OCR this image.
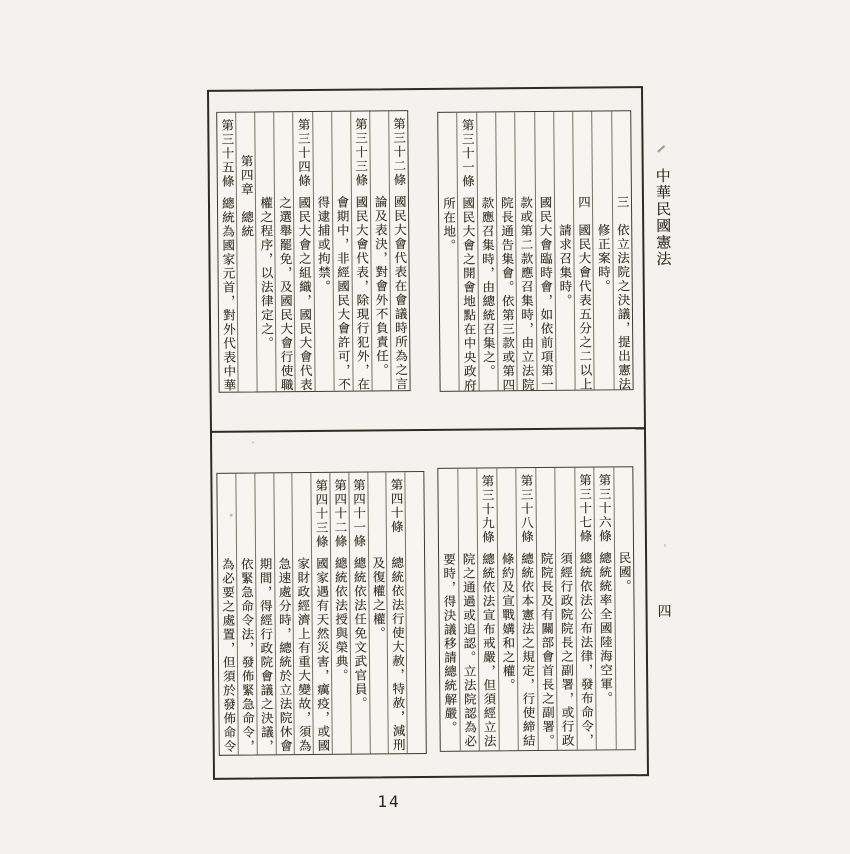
三　依立法院之決議，提出憲法
修正案時。
四　國民大會代表五分之二以上
請求召集時。
國民大會臨時會，如依前項第一
款或第二款應召集時，由立法院
院長通告集會。依第三款或第四
款應召集時，由總統召集之。
第三十一條
國民大會之開會地點在中央政府
所在地。
第三十二條
國民大會代表在會議時所為之言
論及表決，對會外不負責任。
第三十三條
國民大會代表，除現行犯外，在
會期中，非經國民大會許可，不
得逮捕或拘禁。
第三十四條
國民大會之組織，國民大會代表
之選舉罷免，及國民大會行使職
權之程序，以法律定之。
第四章　總統
第三十五條
總統為國家元首，對外代表中華
民國。
第三十六條
總統統率全國陸海空軍。
第三十七條
總統依法公布法律，發布命令，
須經行政院院長之副署，或行政
院院長及有關部會首長之副署。
第三十八條
總統依本憲法之規定，行使締結
條約及宣戰媾和之權。
第三十九條
總統依法宣布戒嚴，但須經立法
院之通過或追認。立法院認為必
要時，得決議移請總統解嚴。
第四十條
總統依法行使大赦，特赦，減刑
及復權之權。
第四十一條
總統依法任免文武官員。
第四十二條
總統依法授與榮典。
第四十三條
國家遇有天然災害，癘疫，或國
家財政經濟上有重大變故，須為
急速處分時，總統於立法院休會
期間，得經行政院會議之決議，
依緊急命令法，發佈緊急命令，
為必要之處置，但須於發佈命令
中華民國憲法
四
14
